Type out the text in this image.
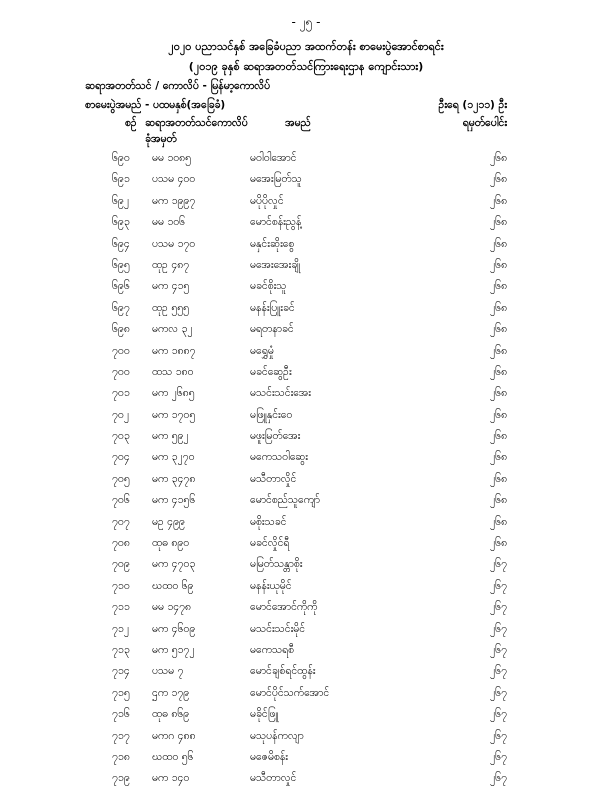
- ၂၅ -
၂၀၂၀ ပညာသင်နှစ် အခြေခံပညာ အထက်တန်း စာမေးပွဲအောင်စာရင်း
(၂၀၁၉ ခုနှစ် ဆရာအတတ်သင်ကြားရေးဌာန ကျောင်းသား)
ဆရာအတတ်သင် / ကောလိပ် - မြန်မာ့ကောလိပ်
စာမေးပွဲအမည် - ပထမနှစ်(အခြေခံ)	ဦးရေ (၁၂၁၁) ဦး
စဉ် ဆရာအတတ်သင်ကောလိပ်	အမည်	ရမှတ်ပေါင်း
ခုံအမှတ်
၆၉၀ မမ ၁၀၈၅	မဝါဝါအောင်	၂၆၈
၆၉၁ ပသမ ၄၀၀	မအေးမြတ်သူ	၂၆၈
၆၉၂ မက ၁၉၉၇	မပိုပိုလှုင်	၂၆၈
၆၉၃ မမ ၁၀၆	မောင်စန်းညွန့်	၂၆၈
၆၉၄ ပသမ ၁၇၀	မနှင်းဆိုးစွေ	၂၆၈
၆၉၅ ထုဥ ၄၈၇	မအေးအေးချို	၂၆၈
၆၉၆ မက ၄၁၅	မခင်စိုးသူ	၂၆၈
၆၉၇ ထုဥ ၅၅၅	မနန်းပြူးခင်	၂၆၈
၆၉၈ မကလ ၃၂	မရတနာခင်	၂၆၈
၇၀၀ မက ၁၈၈၇	မရွှေမှုံ	၂၆၈
၇၀၀ ထသ ၁၈၀	မခင်ဆွေဦး	၂၆၈
၇၀၁ မက ၂၆၈၅	မသင်းသင်းအေး	၂၆၈
၇၀၂ မက ၁၇၀၅	မဖြူနှင်းဝေ	၂၆၈
၇၀၃ မက ၅၉၂	မဖူးမြတ်အေး	၂၆၈
၇၀၄ မက ၃၂၇၀	မကေသဝါဆွေး	၂၆၈
၇၀၅ မက ၃၄၇၈	မသီတာလှိုင်	၂၆၈
၇၀၆ မက ၄၁၅၆	မောင်စည်သူကျော်	၂၆၈
၇၀၇ မဥ ၄၉၉	မစိုးသခင်	၂၆၈
၇၀၈ ထုဓ ၈၉၀	မခင်လှိုင်ရီ	၂၆၈
၇၀၉ မက ၄၇၀၃	မမြတ်သန္တာစိုး	၂၆၇
၇၁၀ ဃထဝ ၆၉	မနန်းယုမိုင်	၂၆၇
၇၁၁ မမ ၁၄၇၈	မောင်အောင်ကိုကို	၂၆၇
၇၁၂ မက ၄၆၀၉	မသင်းသင်းမိုင်	၂၆၇
၇၁၃ မက ၅၁၇၂	မကေသရစီ	၂၆၇
၇၁၄ ပသမ ၇	မောင်ချစ်ရင်ထွန်း	၂၆၇
၇၁၅ ဌက ၁၇၉	မောင်ပိုင်သက်အောင်	၂၆၇
၇၁၆ ထုဓ ၈၆၉	မခိုင်ဖြူ	၂၆၇
၇၁၇ မကဂ ၄၈၈	မသုပန်ကလျာ	၂၆၇
၇၁၈ ဃထဝ ၅၆	မဇေမိစန်း	၂၆၇
၇၁၉ မက ၁၄၀	မသီတာလှုင်	၂၆၇
